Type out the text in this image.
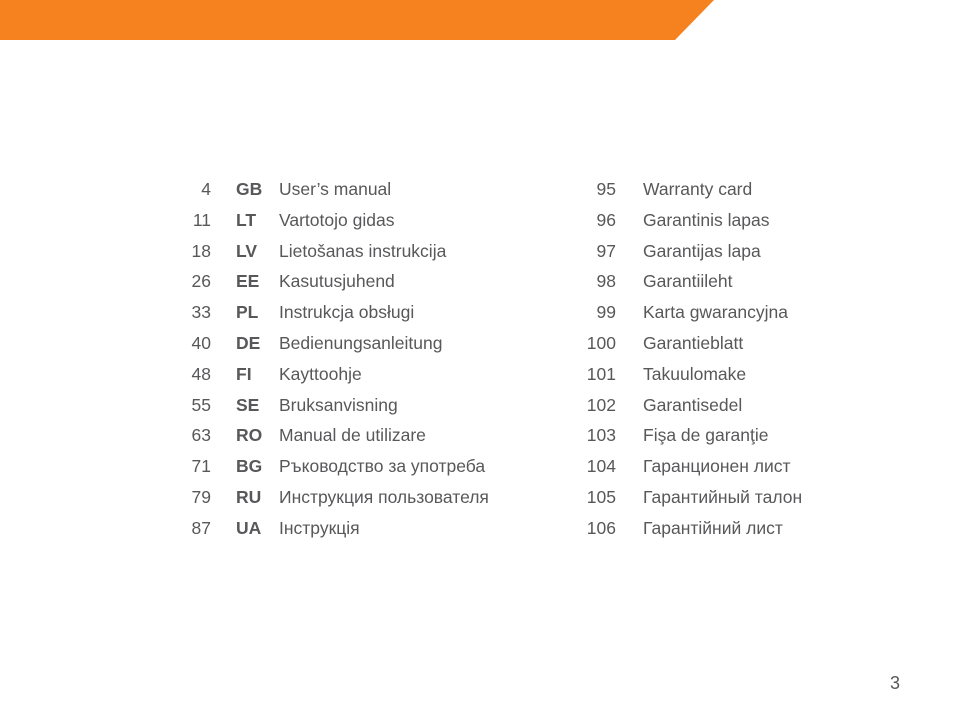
4 GB User’s manual
11 LT Vartotojo gidas
18 LV Lietošanas instrukcija
26 EE Kasutusjuhend
33 PL Instrukcja obsługi
40 DE Bedienungsanleitung
48 FI Kayttoohje
55 SE Bruksanvisning
63 RO Manual de utilizare
71 BG Ръководство за употреба
79 RU Инструкция пользователя
87 UA Інструкція
95 Warranty card
96 Garantinis lapas
97 Garantijas lapa
98 Garantiileht
99 Karta gwarancyjna
100 Garantieblatt
101 Takuulomake
102 Garantisedel
103 Fişa de garanţie
104 Гаранционен лист
105 Гарантийный талон
106 Гарантійний лист
3
